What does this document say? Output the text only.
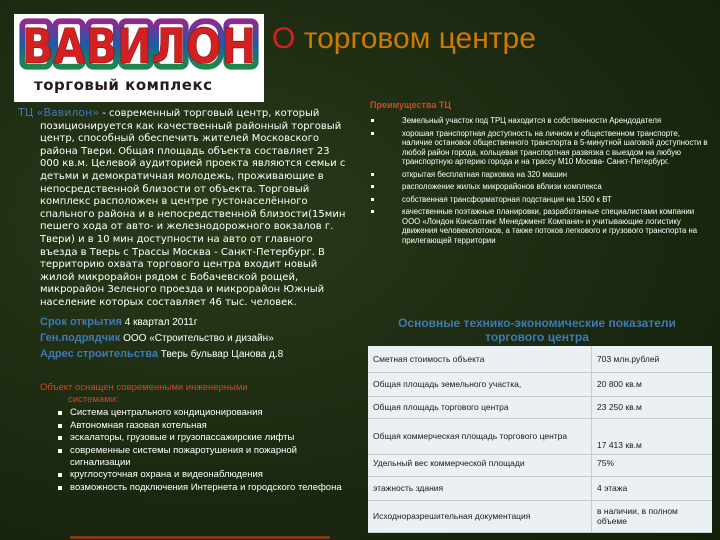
ВАВИЛОН
торговый комплекс
О торговом центре
ТЦ «Вавилон» - современный торговый центр, который позиционируется как качественный районный торговый центр, способный обеспечить жителей Московского района Твери. Общая площадь объекта составляет 23 000 кв.м. Целевой аудиторией проекта являются семьи с детьми и демократичная молодежь, проживающие в непосредственной близости от объекта. Торговый комплекс расположен в центре густонаселённого спального района и в непосредственной близости(15мин пешего хода от авто- и железнодорожного вокзалов г. Твери) и в 10 мин доступности на авто от главного въезда в Тверь с Трассы Москва - Санкт-Петербург. В территорию охвата торгового центра входит новый жилой микрорайон рядом с Бобачевской рощей, микрорайон Зеленого проезда и микрорайон Южный население которых составляет 46 тыс. человек.
Срок открытия 4 квартал 2011г
Ген.подрядчик ООО «Строительство и дизайн»
Адрес строительства Тверь бульвар Цанова д.8
Объект оснащен современными инженерными
системами:
Система центрального кондиционирования
Автономная газовая котельная
эскалаторы, грузовые и грузопассажирские лифты
современные системы пожаротушения и пожарной сигнализации
круглосуточная охрана и видеонаблюдения
возможность подключения Интернета и городского телефона
Преимущества ТЦ
Земельный участок под ТРЦ находится в собственности Арендодателя
хорошая транспортная доступность на личном и общественном транспорте, наличие остановок общественного транспорта в 5-минутной шаговой доступности в любой район города, кольцевая транспортная развязка с выездом на любую транспортную артерию города и на трассу М10 Москва- Санкт-Петербург.
открытая бесплатная парковка на 320 машин
расположение жилых микрорайонов вблизи комплекса
собственная трансформаторная подстанция на 1500 к ВТ
качественные поэтажные планировки, разработанные специалистами компании ООО «Лондон Консалтинг Менеджмент Компани» и учитывающие логистику движения человекопотоков, а также потоков легкового и грузового транспорта на прилегающей территории
Основные технико-экономические показатели торгового центра
Сметная стоимость объекта	703 млн.рублей
Общая площадь земельного участка,	20 800 кв.м
Общая площадь торгового центра	23 250 кв.м
Общая коммерческая площадь торгового центра	17 413 кв.м
Удельный вес коммерческой площади	75%
этажность здания	4 этажа
Исходноразрешительная документация	в наличии, в полном объеме
